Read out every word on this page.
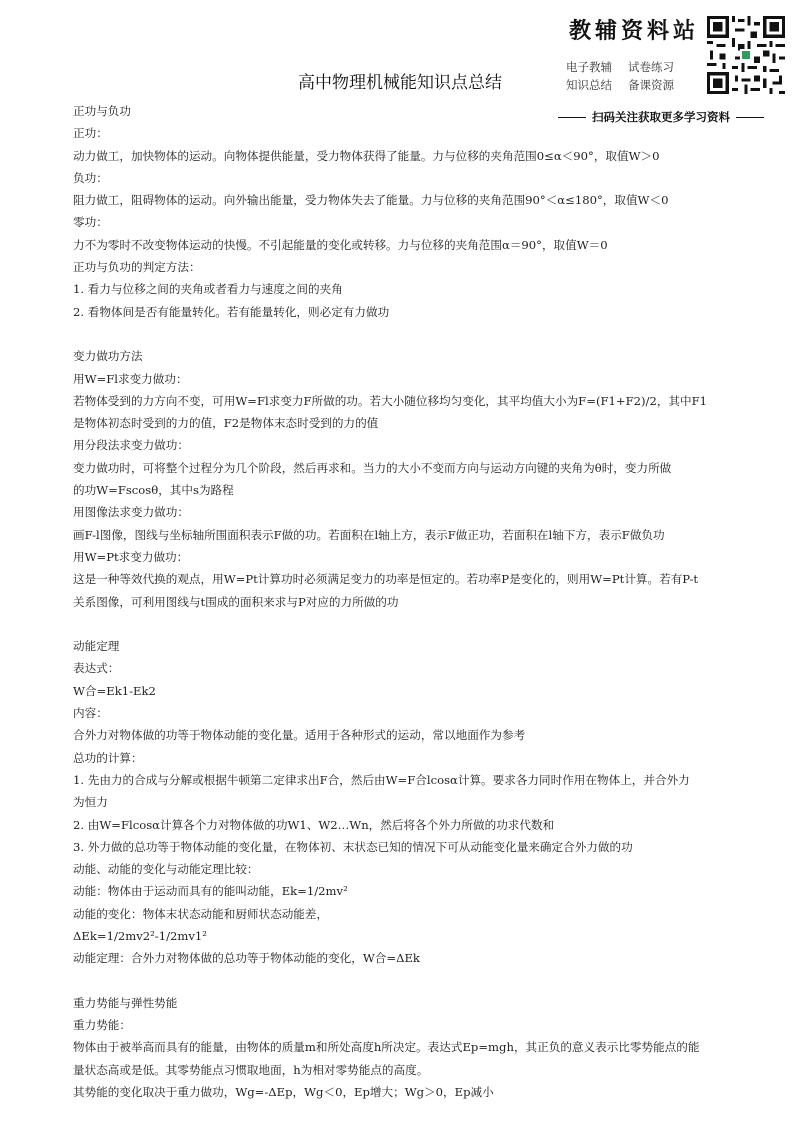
教辅资料站
电子教辅 试卷练习
知识总结 备课资源
扫码关注获取更多学习资料
高中物理机械能知识点总结
正功与负功
正功：
动力做工，加快物体的运动。向物体提供能量，受力物体获得了能量。力与位移的夹角范围0≤α＜90°，取值W＞0
负功：
阻力做工，阻碍物体的运动。向外输出能量，受力物体失去了能量。力与位移的夹角范围90°＜α≤180°，取值W＜0
零功：
力不为零时不改变物体运动的快慢。不引起能量的变化或转移。力与位移的夹角范围α＝90°，取值W＝0
正功与负功的判定方法：
1. 看力与位移之间的夹角或者看力与速度之间的夹角
2. 看物体间是否有能量转化。若有能量转化，则必定有力做功
变力做功方法
用W=Fl求变力做功：
若物体受到的力方向不变，可用W=Fl求变力F所做的功。若大小随位移均匀变化，其平均值大小为F=(F1+F2)/2，其中F1
是物体初态时受到的力的值，F2是物体末态时受到的力的值
用分段法求变力做功：
变力做功时，可将整个过程分为几个阶段，然后再求和。当力的大小不变而方向与运动方向键的夹角为θ时，变力所做
的功W=Fscosθ，其中s为路程
用图像法求变力做功：
画F-l图像，图线与坐标轴所围面积表示F做的功。若面积在l轴上方，表示F做正功，若面积在l轴下方，表示F做负功
用W=Pt求变力做功：
这是一种等效代换的观点，用W=Pt计算功时必须满足变力的功率是恒定的。若功率P是变化的，则用W=Pt计算。若有P-t
关系图像，可利用图线与t围成的面积来求与P对应的力所做的功
动能定理
表达式：
W合=Ek1-Ek2
内容：
合外力对物体做的功等于物体动能的变化量。适用于各种形式的运动，常以地面作为参考
总功的计算：
1. 先由力的合成与分解或根据牛顿第二定律求出F合，然后由W=F合lcosα计算。要求各力同时作用在物体上，并合外力
为恒力
2. 由W=Flcosα计算各个力对物体做的功W1、W2…Wn，然后将各个外力所做的功求代数和
3. 外力做的总功等于物体动能的变化量，在物体初、末状态已知的情况下可从动能变化量来确定合外力做的功
动能、动能的变化与动能定理比较：
动能：物体由于运动而具有的能叫动能，Ek=1/2mv²
动能的变化：物体末状态动能和厨师状态动能差，
ΔEk=1/2mv2²-1/2mv1²
动能定理：合外力对物体做的总功等于物体动能的变化，W合=ΔEk
重力势能与弹性势能
重力势能：
物体由于被举高而具有的能量，由物体的质量m和所处高度h所决定。表达式Ep=mgh，其正负的意义表示比零势能点的能
量状态高或是低。其零势能点习惯取地面，h为相对零势能点的高度。
其势能的变化取决于重力做功，Wg=-ΔEp，Wg＜0，Ep增大；Wg＞0，Ep减小
